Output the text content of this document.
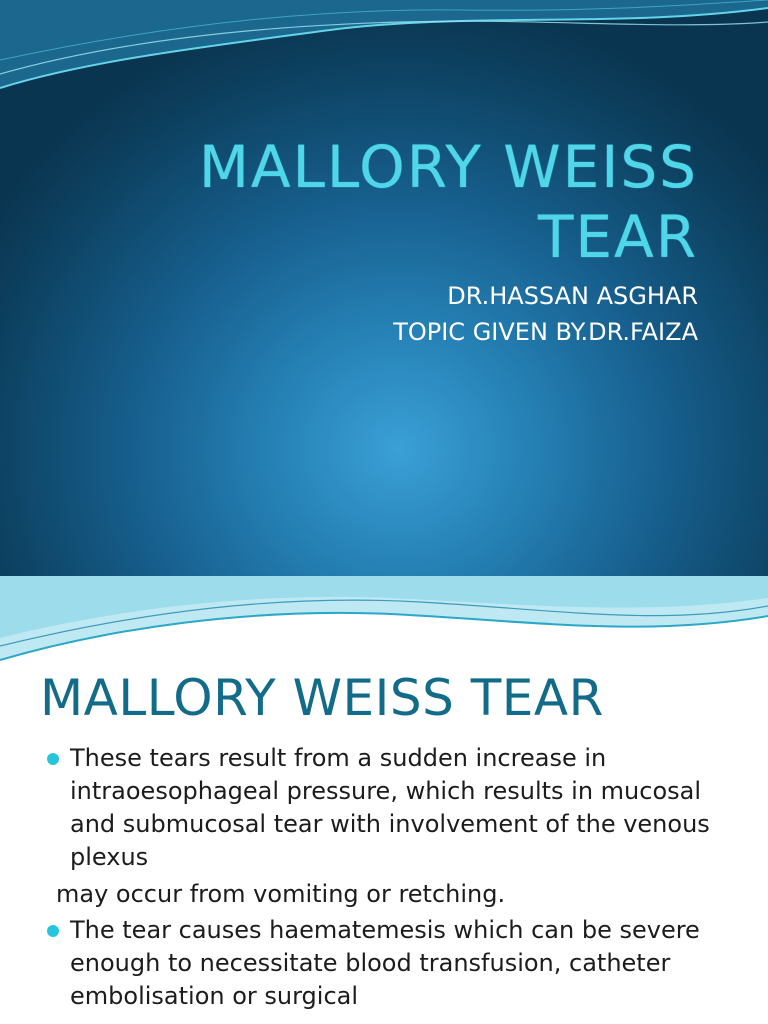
MALLORY WEISS
TEAR
DR.HASSAN ASGHAR
TOPIC GIVEN BY.DR.FAIZA
MALLORY WEISS TEAR
These tears result from a sudden increase in intraoesophageal pressure, which results in mucosal and submucosal tear with involvement of the venous plexus
may occur from vomiting or retching.
The tear causes haematemesis which can be severe enough to necessitate blood transfusion, catheter embolisation or surgical
